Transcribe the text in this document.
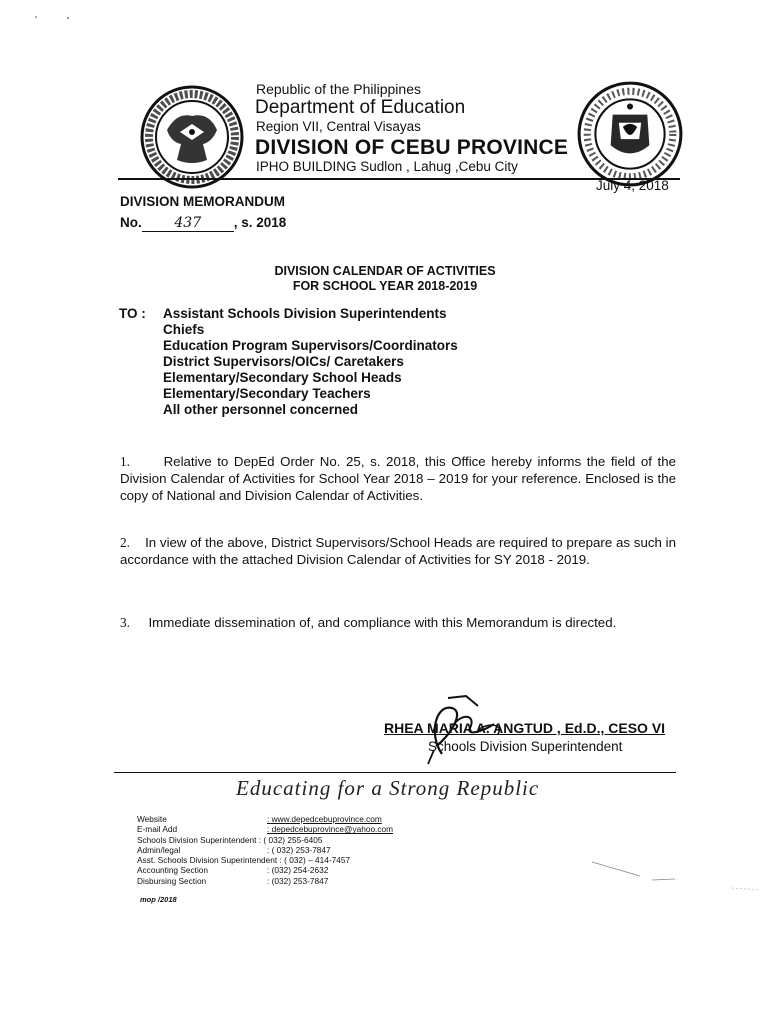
Republic of the Philippines
Department of Education
Region VII, Central Visayas
DIVISION OF CEBU PROVINCE
IPHO BUILDING Sudlon , Lahug ,Cebu City
July 4, 2018
DIVISION MEMORANDUM
No. 437 , s. 2018
DIVISION CALENDAR OF ACTIVITIES
FOR SCHOOL YEAR 2018-2019
TO : Assistant Schools Division Superintendents
Chiefs
Education Program Supervisors/Coordinators
District Supervisors/OICs/ Caretakers
Elementary/Secondary School Heads
Elementary/Secondary Teachers
All other personnel concerned

1.	Relative to DepEd Order No. 25, s. 2018, this Office hereby informs the field of the Division Calendar of Activities for School Year 2018 – 2019 for your reference. Enclosed is the copy of National and Division Calendar of Activities.

2. In view of the above, District Supervisors/School Heads are required to prepare as such in accordance with the attached Division Calendar of Activities for SY 2018 - 2019.

3. Immediate dissemination of, and compliance with this Memorandum is directed.

RHEA MARIA A. ANGTUD , Ed.D., CESO VI
Schools Division Superintendent
Educating for a Strong Republic
Website	: www.depedcebuprovince.com
E-mail Add	: depedcebuprovince@yahoo.com
Schools Division Superintendent : ( 032) 255-6405
Admin/legal	: ( 032) 253-7847
Asst. Schools Division Superintendent : ( 032) – 414-7457
Accounting Section	: (032) 254-2632
Disbursing Section	: (032) 253-7847
mop /2018
